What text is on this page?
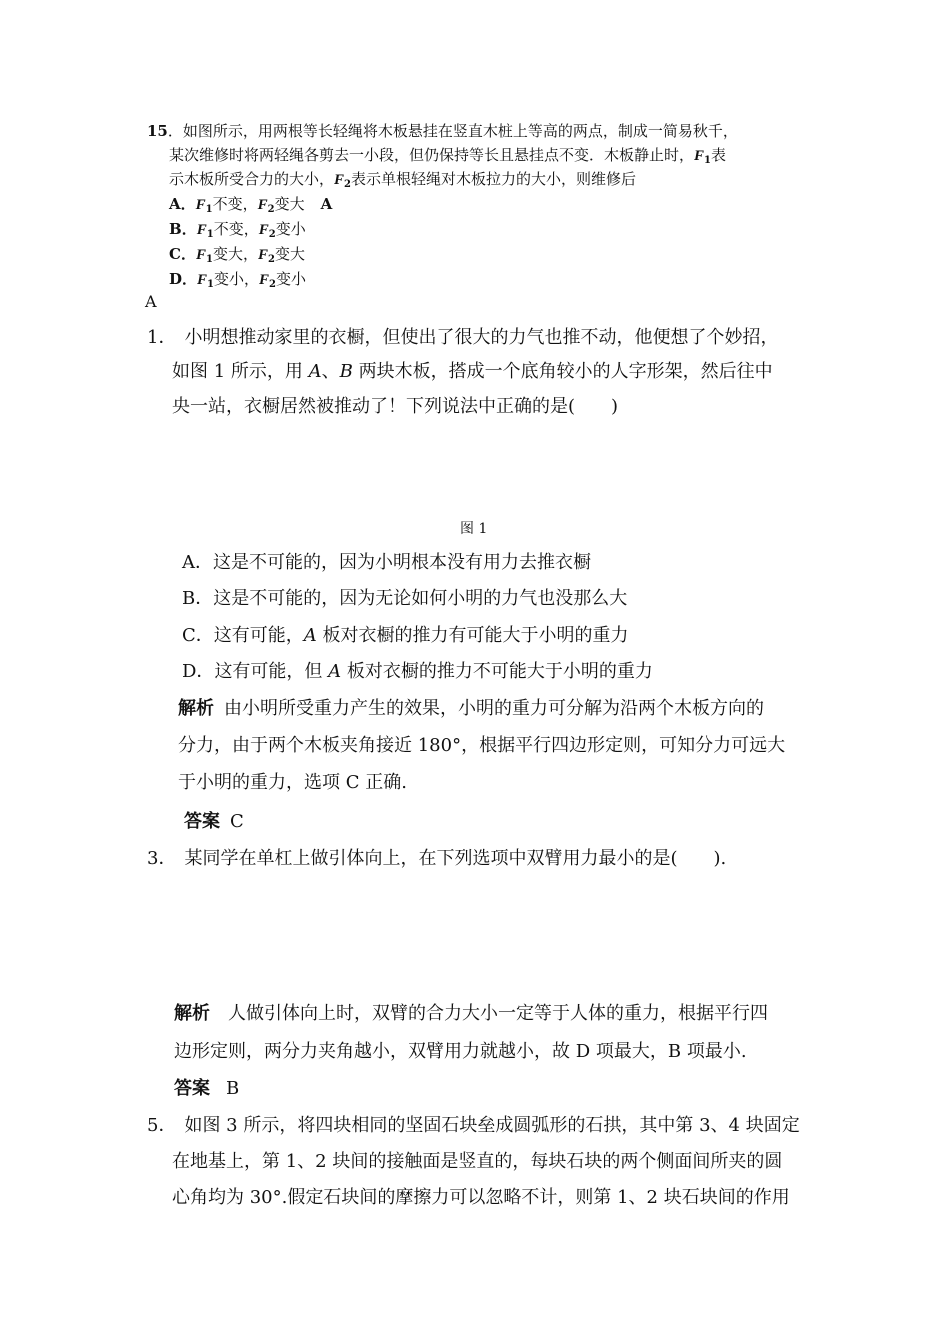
15．如图所示，用两根等长轻绳将木板悬挂在竖直木桩上等高的两点，制成一简易秋千，
某次维修时将两轻绳各剪去一小段，但仍保持等长且悬挂点不变．木板静止时，$F_1$表
示木板所受合力的大小，$F_2$表示单根轻绳对木板拉力的大小，则维修后
A．$F_1$不变，$F_2$变大 A
B．$F_1$不变，$F_2$变小
C．$F_1$变大，$F_2$变大
D．$F_1$变小，$F_2$变小
A
1． 小明想推动家里的衣橱，但使出了很大的力气也推不动，他便想了个妙招，
如图 1 所示，用 A、B 两块木板，搭成一个底角较小的人字形架，然后往中
央一站，衣橱居然被推动了！下列说法中正确的是(　　)
图 1
A．这是不可能的，因为小明根本没有用力去推衣橱
B．这是不可能的，因为无论如何小明的力气也没那么大
C．这有可能，A 板对衣橱的推力有可能大于小明的重力
D．这有可能，但 A 板对衣橱的推力不可能大于小明的重力
解析 由小明所受重力产生的效果，小明的重力可分解为沿两个木板方向的
分力，由于两个木板夹角接近 180°，根据平行四边形定则，可知分力可远大
于小明的重力，选项 C 正确.
答案 C
3． 某同学在单杠上做引体向上，在下列选项中双臂用力最小的是(　　).
解析 人做引体向上时，双臂的合力大小一定等于人体的重力，根据平行四
边形定则，两分力夹角越小，双臂用力就越小，故 D 项最大，B 项最小.
答案 B
5． 如图 3 所示，将四块相同的坚固石块垒成圆弧形的石拱，其中第 3、4 块固定
在地基上，第 1、2 块间的接触面是竖直的，每块石块的两个侧面间所夹的圆
心角均为 30°.假定石块间的摩擦力可以忽略不计，则第 1、2 块石块间的作用
